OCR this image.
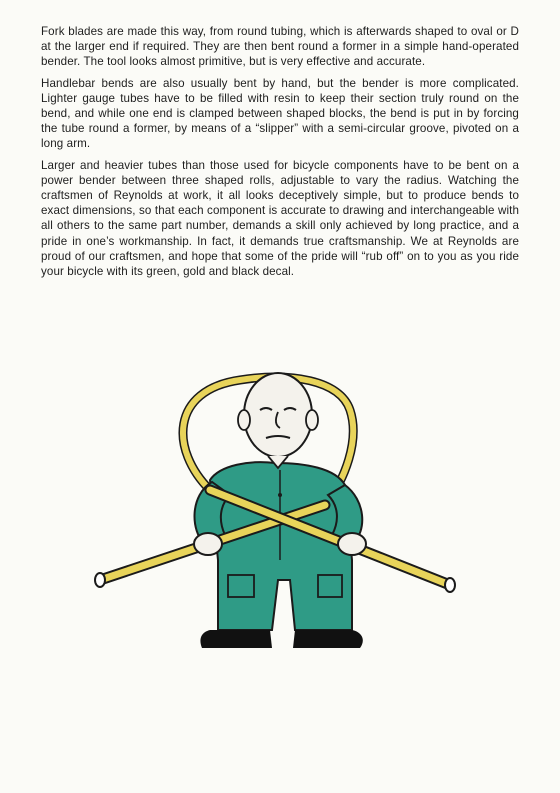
Fork blades are made this way, from round tubing, which is afterwards shaped to oval or D at the larger end if required. They are then bent round a former in a simple hand-operated bender. The tool looks almost primitive, but is very effective and accurate.

Handlebar bends are also usually bent by hand, but the bender is more complicated. Lighter gauge tubes have to be filled with resin to keep their section truly round on the bend, and while one end is clamped between shaped blocks, the bend is put in by forcing the tube round a former, by means of a “slipper” with a semi-circular groove, pivoted on a long arm.

Larger and heavier tubes than those used for bicycle components have to be bent on a power bender between three shaped rolls, adjustable to vary the radius. Watching the craftsmen of Reynolds at work, it all looks deceptively simple, but to produce bends to exact dimensions, so that each component is accurate to drawing and interchangeable with all others to the same part number, demands a skill only achieved by long practice, and a pride in one’s workmanship. In fact, it demands true craftsmanship. We at Reynolds are proud of our craftsmen, and hope that some of the pride will “rub off” on to you as you ride your bicycle with its green, gold and black decal.
